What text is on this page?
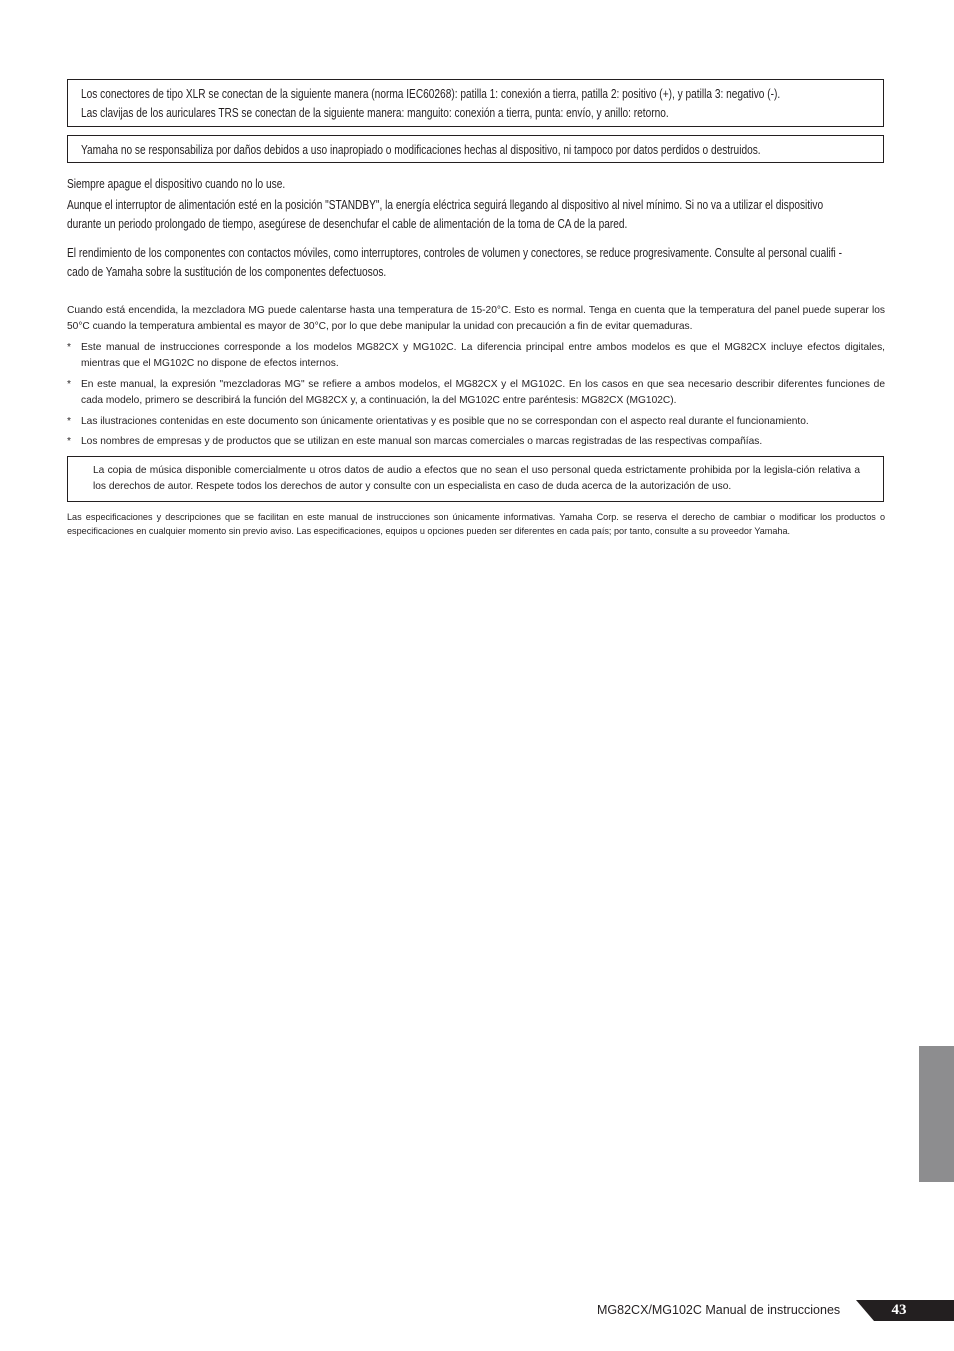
Los conectores de tipo XLR se conectan de la siguiente manera (norma IEC60268): patilla 1: conexión a tierra, patilla 2: positivo (+), y patilla 3: negativo (-).
Las clavijas de los auriculares TRS se conectan de la siguiente manera: manguito: conexión a tierra, punta: envío, y anillo: retorno.
Yamaha no se responsabiliza por daños debidos a uso inapropiado o modificaciones hechas al dispositivo, ni tampoco por datos perdidos o destruidos.
Siempre apague el dispositivo cuando no lo use.
Aunque el interruptor de alimentación esté en la posición "STANDBY", la energía eléctrica seguirá llegando al dispositivo al nivel mínimo. Si no va a utilizar el dispositivo
durante un periodo prolongado de tiempo, asegúrese de desenchufar el cable de alimentación de la toma de CA de la pared.
El rendimiento de los componentes con contactos móviles, como interruptores, controles de volumen y conectores, se reduce progresivamente. Consulte al personal cualifi -
cado de Yamaha sobre la sustitución de los componentes defectuosos.
Cuando está encendida, la mezcladora MG puede calentarse hasta una temperatura de 15-20°C. Esto es normal. Tenga en cuenta que la temperatura del panel puede superar los 50°C cuando la temperatura ambiental es mayor de 30°C, por lo que debe manipular la unidad con precaución a fin de evitar quemaduras.
* Este manual de instrucciones corresponde a los modelos MG82CX y MG102C. La diferencia principal entre ambos modelos es que el MG82CX incluye efectos digitales, mientras que el MG102C no dispone de efectos internos.
* En este manual, la expresión "mezcladoras MG" se refiere a ambos modelos, el MG82CX y el MG102C. En los casos en que sea necesario describir diferentes funciones de cada modelo, primero se describirá la función del MG82CX y, a continuación, la del MG102C entre paréntesis: MG82CX (MG102C).
* Las ilustraciones contenidas en este documento son únicamente orientativas y es posible que no se correspondan con el aspecto real durante el funcionamiento.
* Los nombres de empresas y de productos que se utilizan en este manual son marcas comerciales o marcas registradas de las respectivas compañías.
La copia de música disponible comercialmente u otros datos de audio a efectos que no sean el uso personal queda estrictamente prohibida por la legisla-ción relativa a los derechos de autor. Respete todos los derechos de autor y consulte con un especialista en caso de duda acerca de la autorización de uso.
Las especificaciones y descripciones que se facilitan en este manual de instrucciones son únicamente informativas. Yamaha Corp. se reserva el derecho de cambiar o modificar los productos o especificaciones en cualquier momento sin previo aviso. Las especificaciones, equipos u opciones pueden ser diferentes en cada país; por tanto, consulte a su proveedor Yamaha.
MG82CX/MG102C Manual de instrucciones	43
